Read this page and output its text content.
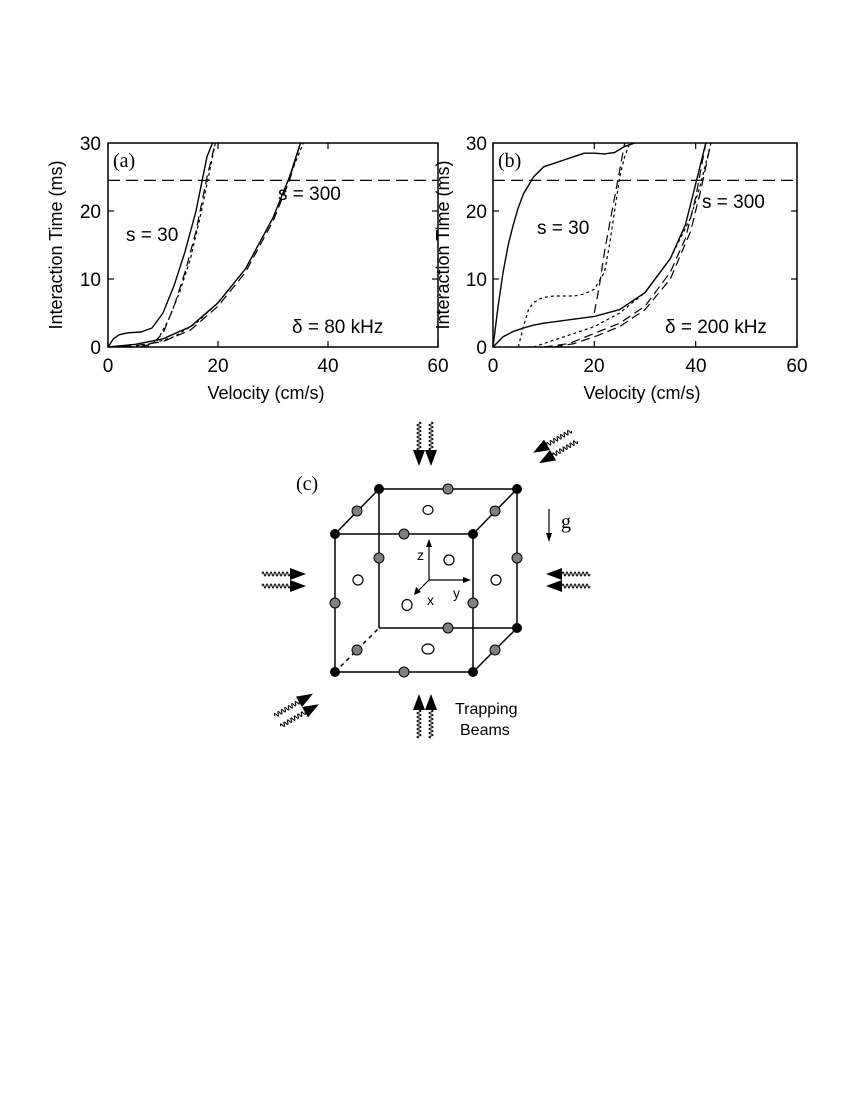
(a)
s = 30
s = 300
δ = 80 kHz
0
10
20
30
0	20	40	60
Velocity (cm/s)
Interaction Time (ms)	(b)
s = 30
s = 300
δ = 200 kHz
0
10
20
30
0	20	40	60
Velocity (cm/s)
Interaction Time (ms)
(c)
z
x y
g
Trapping
Beams
